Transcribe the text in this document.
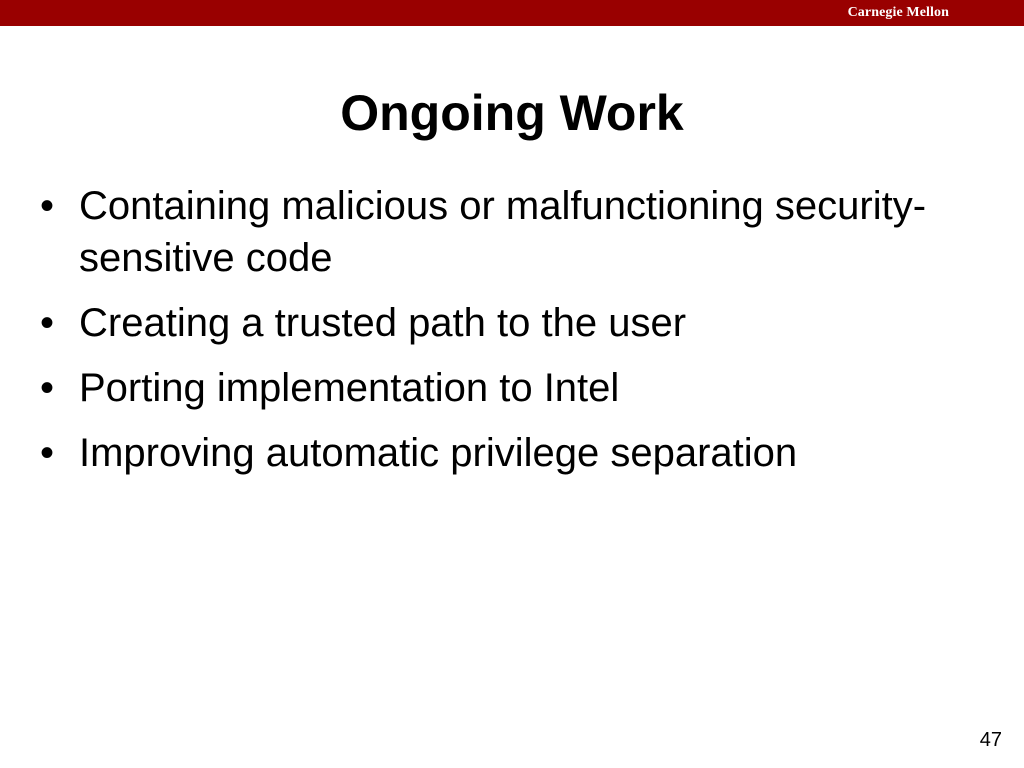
Carnegie Mellon
Ongoing Work
• Containing malicious or malfunctioning security-sensitive code
• Creating a trusted path to the user
• Porting implementation to Intel
• Improving automatic privilege separation
47
